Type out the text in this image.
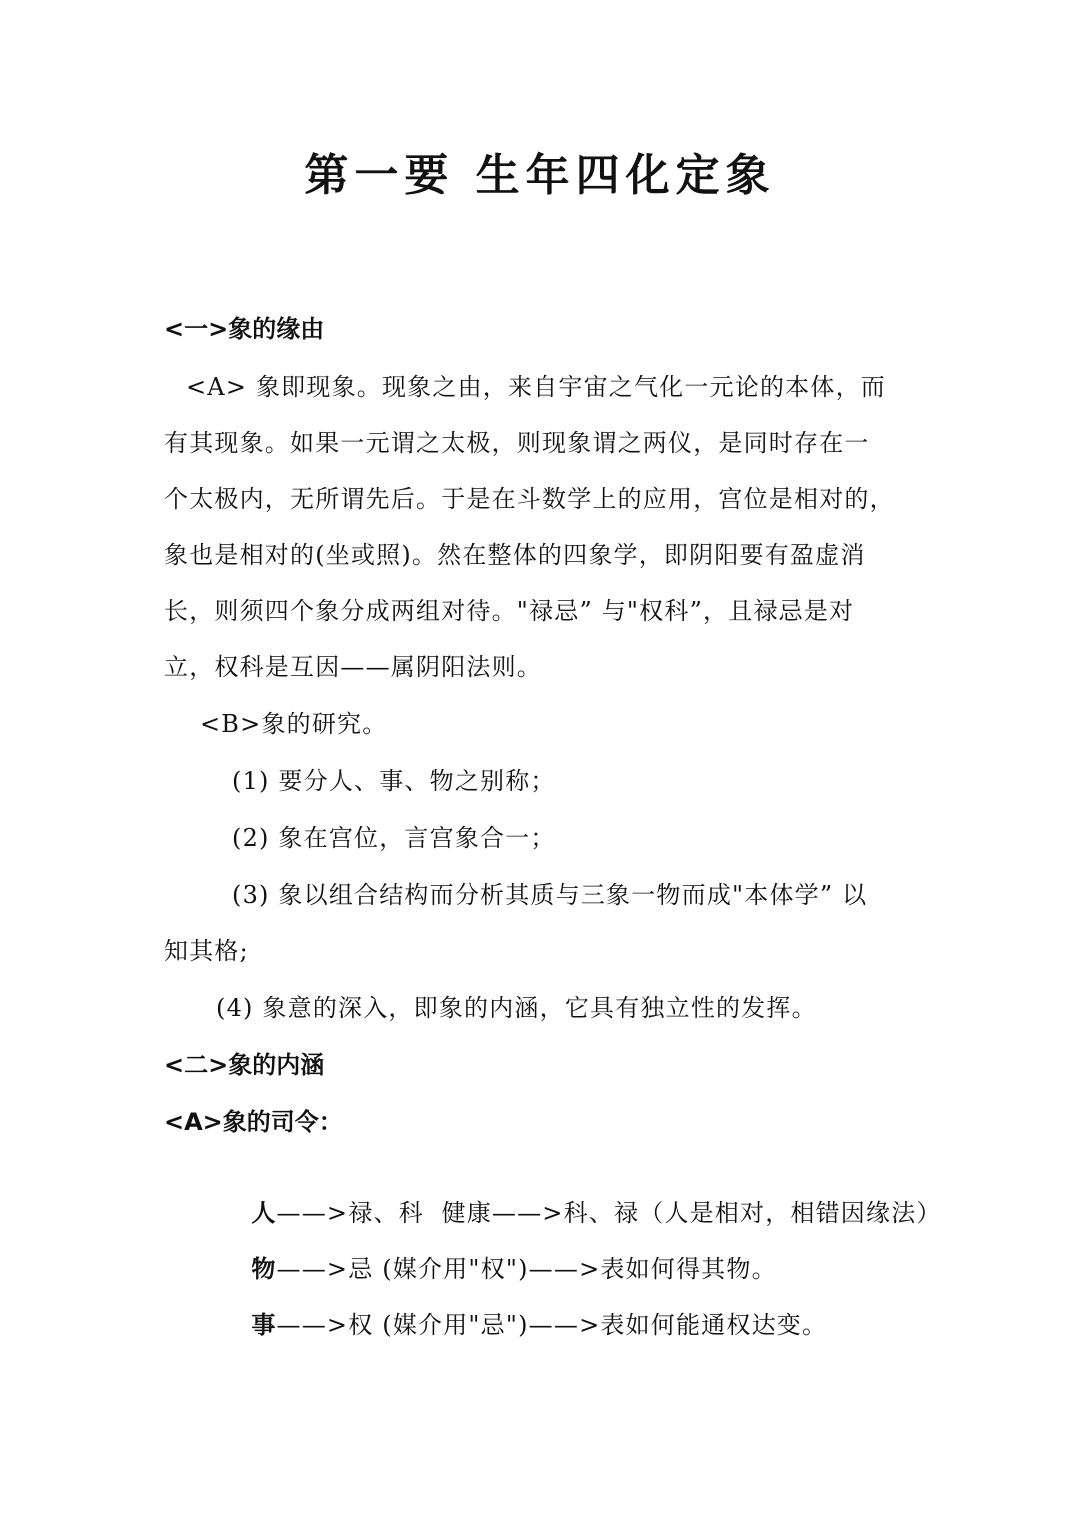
第一要 生年四化定象
<一>象的缘由
<A> 象即现象。现象之由，来自宇宙之气化一元论的本体，而
有其现象。如果一元谓之太极，则现象谓之两仪，是同时存在一
个太极内，无所谓先后。于是在斗数学上的应用，宫位是相对的，
象也是相对的(坐或照)。然在整体的四象学，即阴阳要有盈虚消
长，则须四个象分成两组对待。"禄忌” 与"权科”，且禄忌是对
立，权科是互因——属阴阳法则。
<B>象的研究。
(1) 要分人、事、物之别称；
(2) 象在宫位，言宫象合一；
(3) 象以组合结构而分析其质与三象一物而成"本体学” 以
知其格;
(4) 象意的深入，即象的内涵，它具有独立性的发挥。
<二>象的内涵
<A>象的司令：

人——>禄、科  健康——>科、禄（人是相对，相错因缘法）

物——>忌 (媒介用"权")——>表如何得其物。

事——>权 (媒介用"忌")——>表如何能通权达变。
